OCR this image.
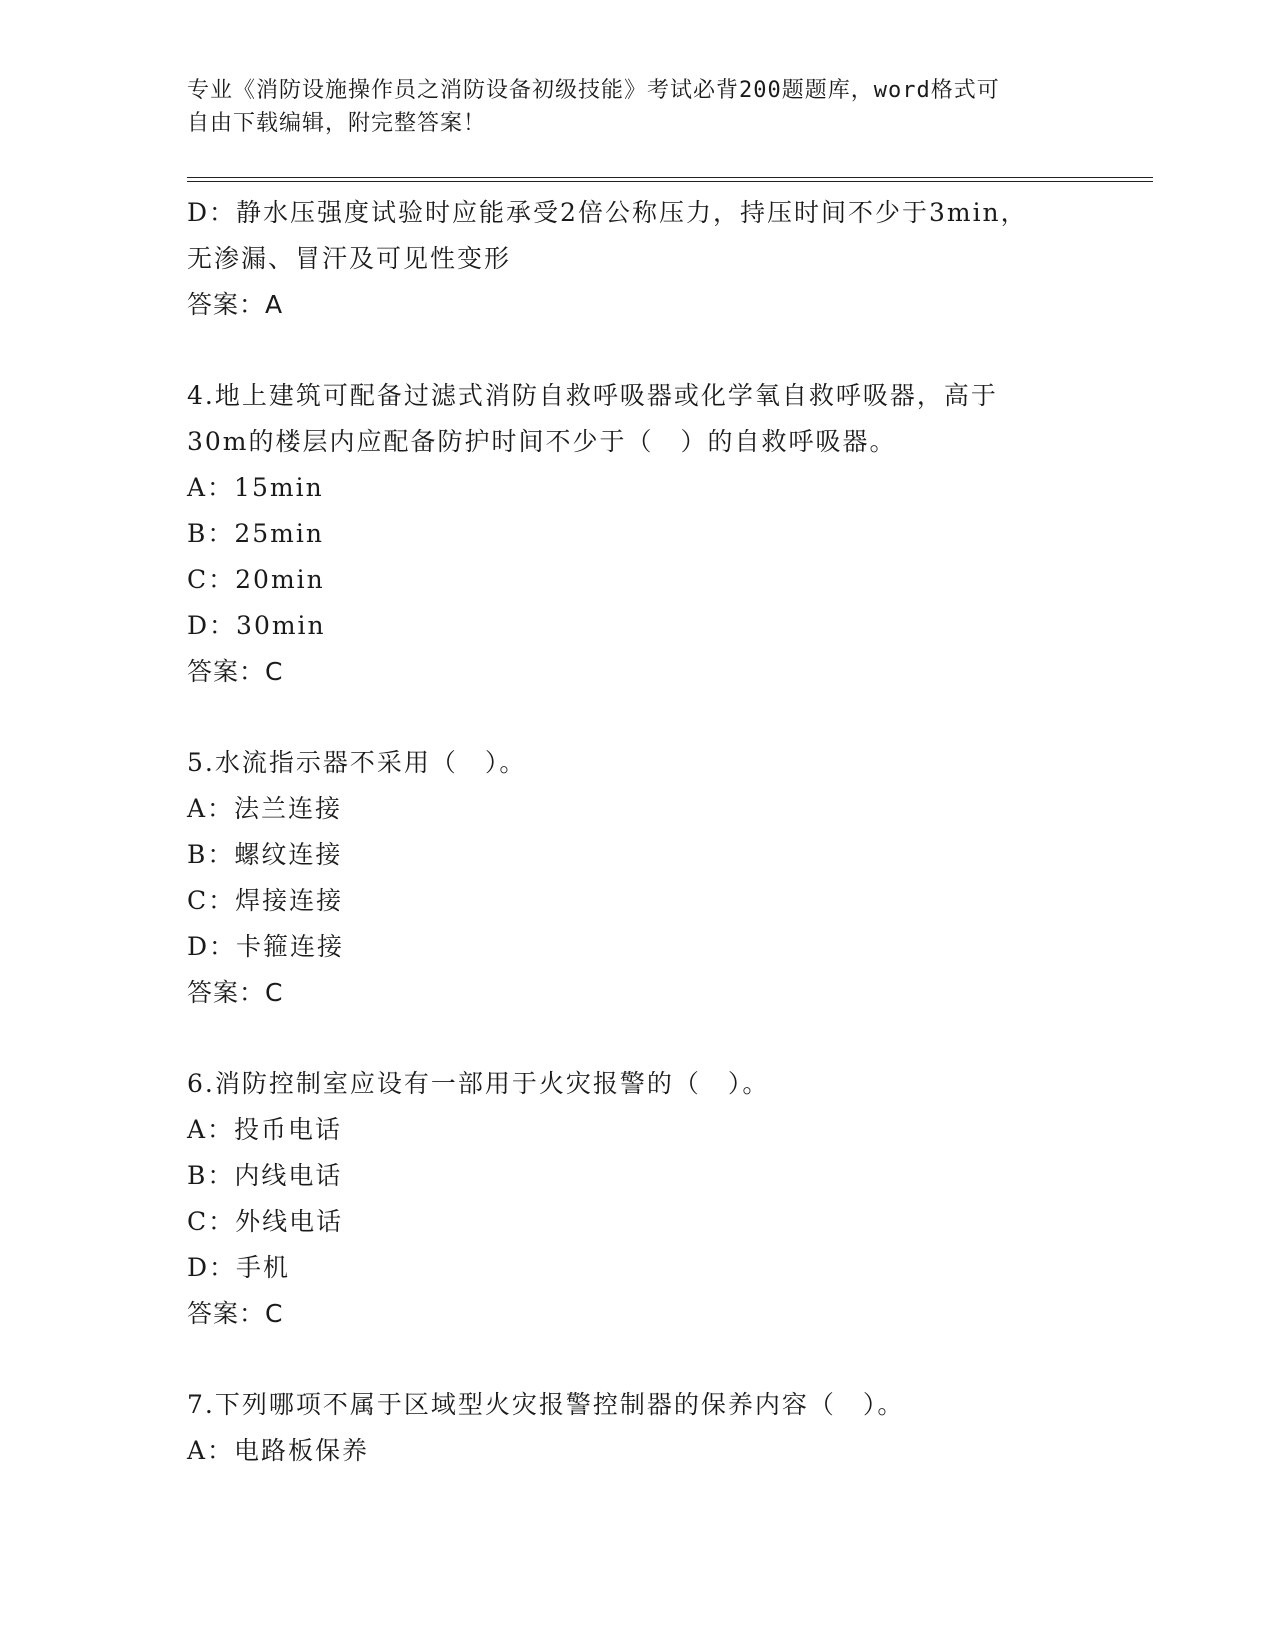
专业《消防设施操作员之消防设备初级技能》考试必背200题题库，word格式可
自由下载编辑，附完整答案！
D：静水压强度试验时应能承受2倍公称压力，持压时间不少于3min，
无渗漏、冒汗及可见性变形
答案：A
4.地上建筑可配备过滤式消防自救呼吸器或化学氧自救呼吸器，高于
30m的楼层内应配备防护时间不少于（　）的自救呼吸器。
A：15min
B：25min
C：20min
D：30min
答案：C
5.水流指示器不采用（　）。
A：法兰连接
B：螺纹连接
C：焊接连接
D：卡箍连接
答案：C
6.消防控制室应设有一部用于火灾报警的（　）。
A：投币电话
B：内线电话
C：外线电话
D：手机
答案：C
7.下列哪项不属于区域型火灾报警控制器的保养内容（　）。
A：电路板保养
